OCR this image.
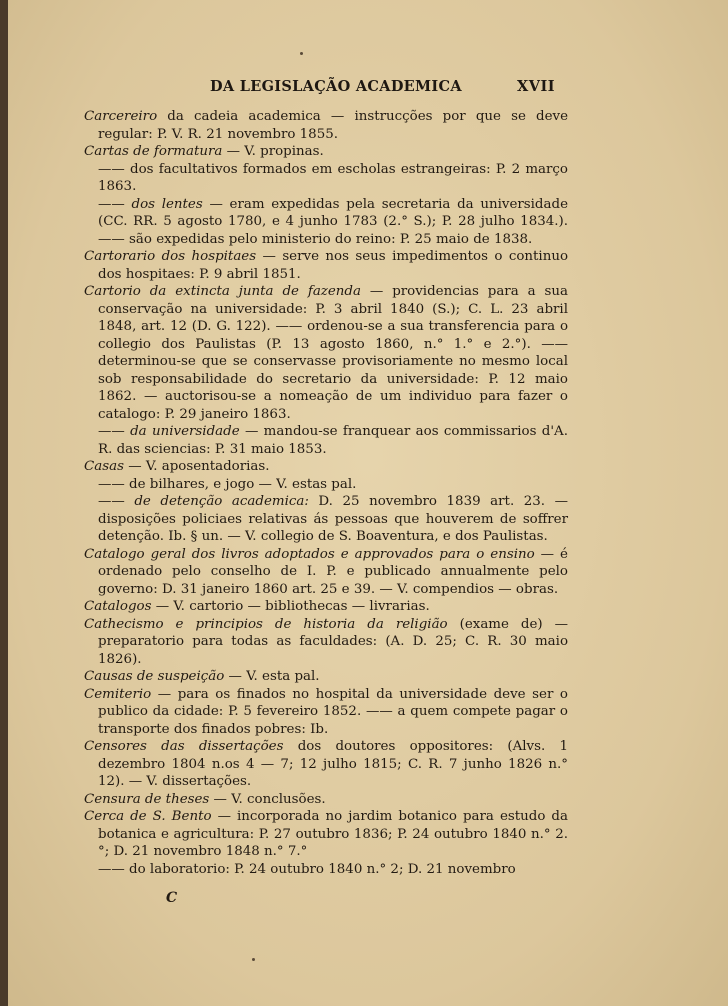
DA LEGISLAÇÃO ACADEMICA	XVII

Carcereiro da cadeia academica — instrucções por que se deve regular: P. V. R. 21 novembro 1855.

Cartas de formatura — V. propinas.

—— dos facultativos formados em escholas estrangeiras: P. 2 março 1863.

—— dos lentes — eram expedidas pela secretaria da universidade (CC. RR. 5 agosto 1780, e 4 junho 1783 (2.° S.); P. 28 julho 1834.). —— são expedidas pelo ministerio do reino: P. 25 maio de 1838.

Cartorario dos hospitaes — serve nos seus impedimentos o continuo dos hospitaes: P. 9 abril 1851.

Cartorio da extincta junta de fazenda — providencias para a sua conservação na universidade: P. 3 abril 1840 (S.); C. L. 23 abril 1848, art. 12 (D. G. 122). —— ordenou-se a sua transferencia para o collegio dos Paulistas (P. 13 agosto 1860, n.° 1.° e 2.°). —— determinou-se que se conservasse provisoriamente no mesmo local sob responsabilidade do secretario da universidade: P. 12 maio 1862. — auctorisou-se a nomeação de um individuo para fazer o catalogo: P. 29 janeiro 1863.

—— da universidade — mandou-se franquear aos commissarios d'A. R. das sciencias: P. 31 maio 1853.

Casas — V. aposentadorias.

—— de bilhares, e jogo — V. estas pal.

—— de detenção academica: D. 25 novembro 1839 art. 23. — disposições policiaes relativas ás pessoas que houverem de soffrer detenção. Ib. § un. — V. collegio de S. Boaventura, e dos Paulistas.

Catalogo geral dos livros adoptados e approvados para o ensino — é ordenado pelo conselho de I. P. e publicado annualmente pelo governo: D. 31 janeiro 1860 art. 25 e 39. — V. compendios — obras.

Catalogos — V. cartorio — bibliothecas — livrarias.

Cathecismo e principios de historia da religião (exame de) — preparatorio para todas as faculdades: (A. D. 25; C. R. 30 maio 1826).

Causas de suspeição — V. esta pal.

Cemiterio — para os finados no hospital da universidade deve ser o publico da cidade: P. 5 fevereiro 1852. —— a quem compete pagar o transporte dos finados pobres: Ib.

Censores das dissertações dos doutores oppositores: (Alvs. 1 dezembro 1804 n.os 4 — 7; 12 julho 1815; C. R. 7 junho 1826 n.° 12). — V. dissertações.

Censura de theses — V. conclusões.

Cerca de S. Bento — incorporada no jardim botanico para estudo da botanica e agricultura: P. 27 outubro 1836; P. 24 outubro 1840 n.° 2.°; D. 21 novembro 1848 n.° 7.°

—— do laboratorio: P. 24 outubro 1840 n.° 2; D. 21 novembro

C
